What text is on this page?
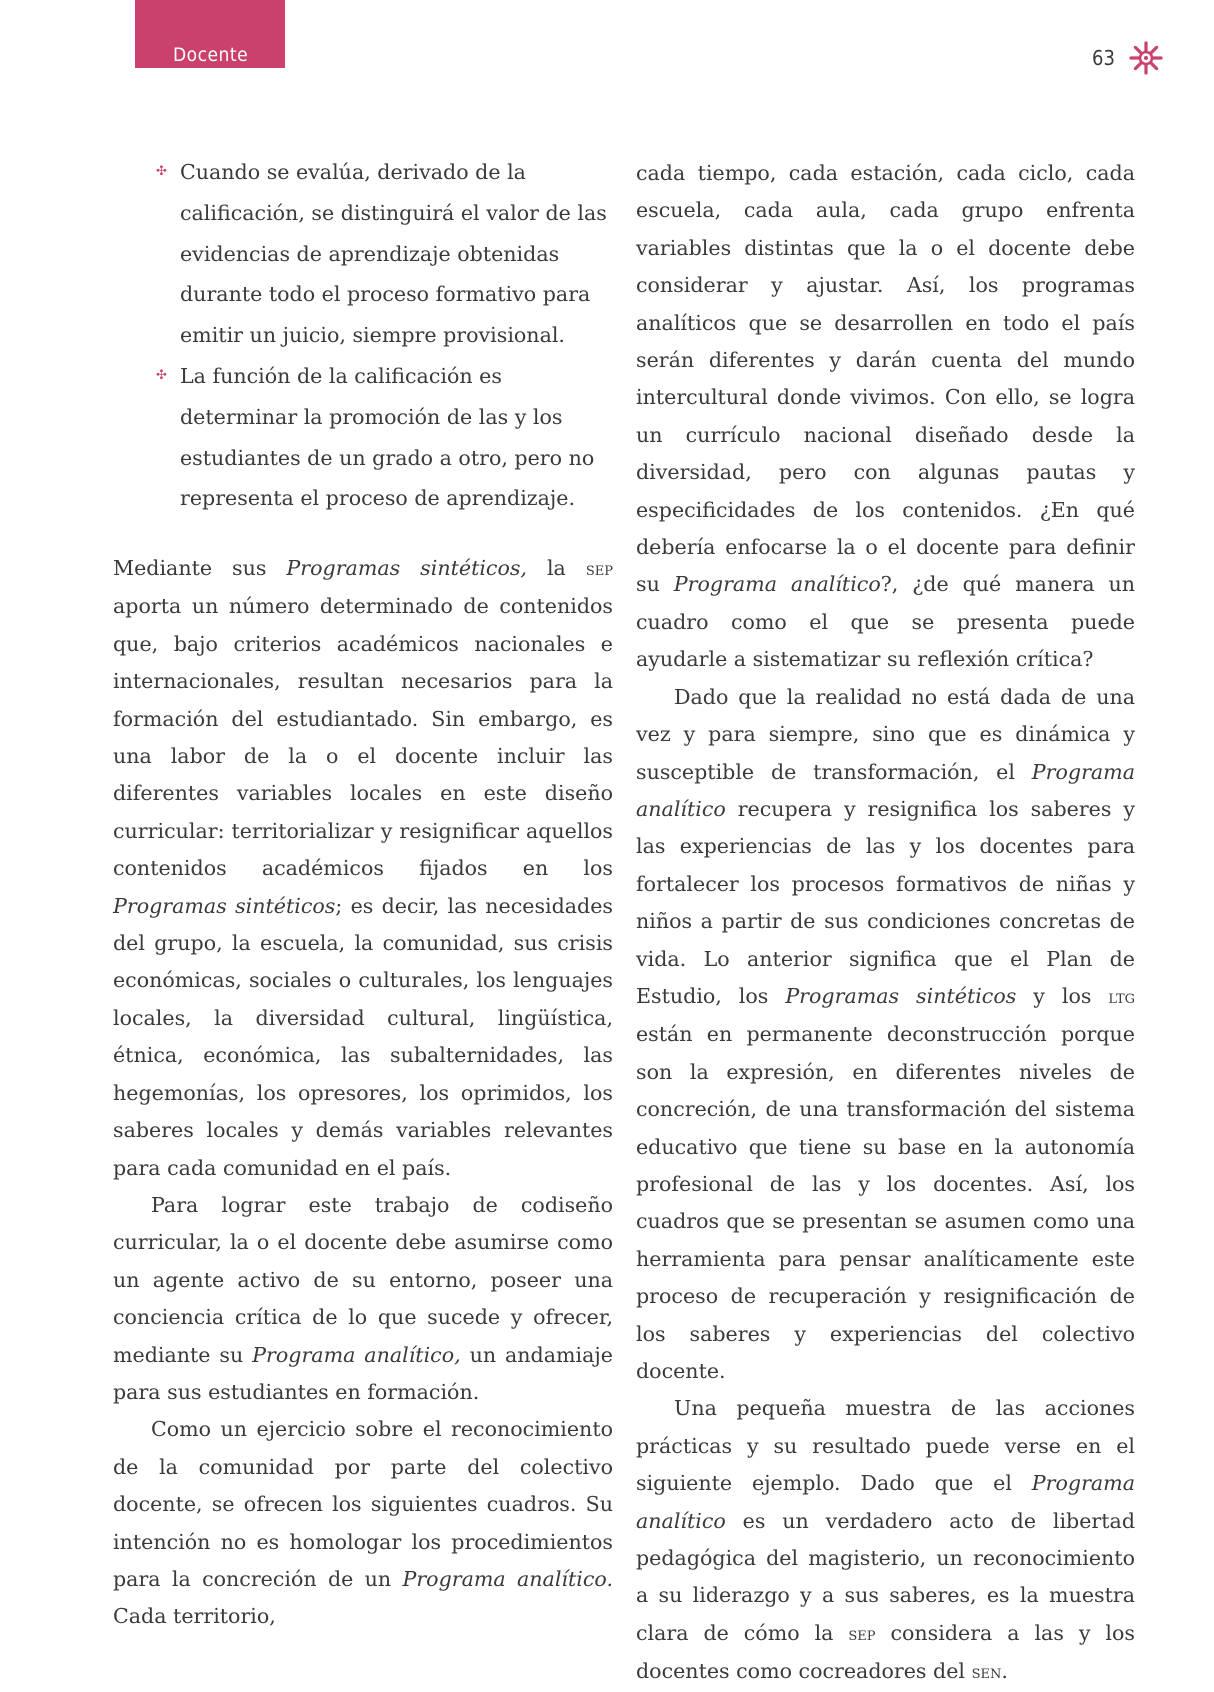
Docente	63
✣ Cuando se evalúa, derivado de la calificación, se distinguirá el valor de las evidencias de aprendizaje obtenidas durante todo el proceso formativo para emitir un juicio, siempre provisional.
✣ La función de la calificación es determinar la promoción de las y los estudiantes de un grado a otro, pero no representa el proceso de aprendizaje.

Mediante sus Programas sintéticos, la sep aporta un número determinado de contenidos que, bajo criterios académicos nacionales e internacionales, resultan necesarios para la formación del estudiantado. Sin embargo, es una labor de la o el docente incluir las diferentes variables locales en este diseño curricular: territorializar y resignificar aquellos contenidos académicos fijados en los Programas sintéticos; es decir, las necesidades del grupo, la escuela, la comunidad, sus crisis económicas, sociales o culturales, los lenguajes locales, la diversidad cultural, lingüística, étnica, económica, las subalternidades, las hegemonías, los opresores, los oprimidos, los saberes locales y demás variables relevantes para cada comunidad en el país.

Para lograr este trabajo de codiseño curricular, la o el docente debe asumirse como un agente activo de su entorno, poseer una conciencia crítica de lo que sucede y ofrecer, mediante su Programa analítico, un andamiaje para sus estudiantes en formación.

Como un ejercicio sobre el reconocimiento de la comunidad por parte del colectivo docente, se ofrecen los siguientes cuadros. Su intención no es homologar los procedimientos para la concreción de un Programa analítico. Cada territorio,

cada tiempo, cada estación, cada ciclo, cada escuela, cada aula, cada grupo enfrenta variables distintas que la o el docente debe considerar y ajustar. Así, los programas analíticos que se desarrollen en todo el país serán diferentes y darán cuenta del mundo intercultural donde vivimos. Con ello, se logra un currículo nacional diseñado desde la diversidad, pero con algunas pautas y especificidades de los contenidos. ¿En qué debería enfocarse la o el docente para definir su Programa analítico?, ¿de qué manera un cuadro como el que se presenta puede ayudarle a sistematizar su reflexión crítica?

Dado que la realidad no está dada de una vez y para siempre, sino que es dinámica y susceptible de transformación, el Programa analítico recupera y resignifica los saberes y las experiencias de las y los docentes para fortalecer los procesos formativos de niñas y niños a partir de sus condiciones concretas de vida. Lo anterior significa que el Plan de Estudio, los Programas sintéticos y los ltg están en permanente deconstrucción porque son la expresión, en diferentes niveles de concreción, de una transformación del sistema educativo que tiene su base en la autonomía profesional de las y los docentes. Así, los cuadros que se presentan se asumen como una herramienta para pensar analíticamente este proceso de recuperación y resignificación de los saberes y experiencias del colectivo docente.

Una pequeña muestra de las acciones prácticas y su resultado puede verse en el siguiente ejemplo. Dado que el Programa analítico es un verdadero acto de libertad pedagógica del magisterio, un reconocimiento a su liderazgo y a sus saberes, es la muestra clara de cómo la sep considera a las y los docentes como cocreadores del sen.
